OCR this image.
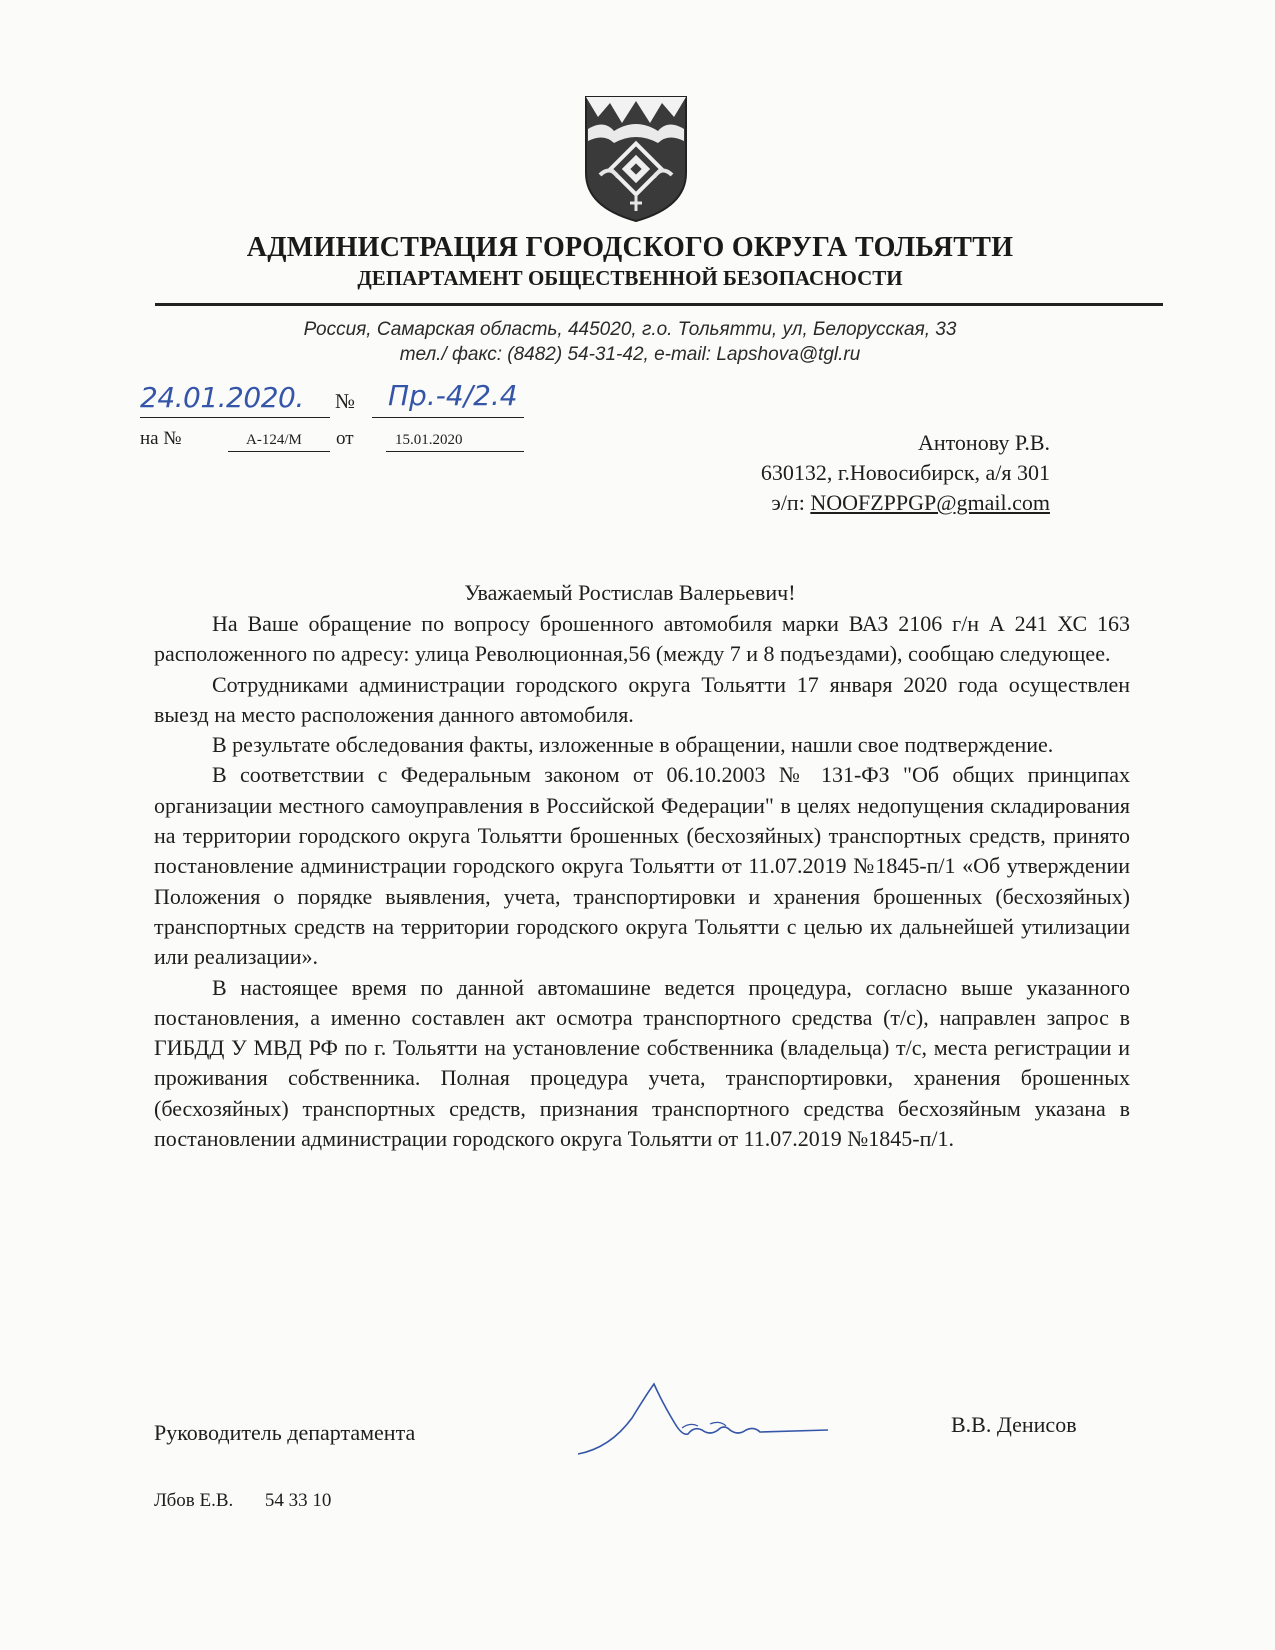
АДМИНИСТРАЦИЯ ГОРОДСКОГО ОКРУГА ТОЛЬЯТТИ
ДЕПАРТАМЕНТ ОБЩЕСТВЕННОЙ БЕЗОПАСНОСТИ
Россия, Самарская область, 445020, г.о. Тольятти, ул, Белорусская, 33
тел./ факс: (8482) 54-31-42, e-mail: Lapshova@tgl.ru
24.01.2020. № Пр.-4/2.4
на №	А-124/М от	15.01.2020	Антонову Р.В.
630132, г.Новосибирск, а/я 301
э/п: NOOFZPPGP@gmail.com
Уважаемый Ростислав Валерьевич!

На Ваше обращение по вопросу брошенного автомобиля марки ВАЗ 2106 г/н А 241 ХС 163 расположенного по адресу: улица Революционная,56 (между 7 и 8 подъездами), сообщаю следующее.

Сотрудниками администрации городского округа Тольятти 17 января 2020 года осуществлен выезд на место расположения данного автомобиля.

В результате обследования факты, изложенные в обращении, нашли свое подтверждение.

В соответствии с Федеральным законом от 06.10.2003 № 131-ФЗ "Об общих принципах организации местного самоуправления в Российской Федерации" в целях недопущения складирования на территории городского округа Тольятти брошенных (бесхозяйных) транспортных средств, принято постановление администрации городского округа Тольятти от 11.07.2019 №1845-п/1 «Об утверждении Положения о порядке выявления, учета, транспортировки и хранения брошенных (бесхозяйных) транспортных средств на территории городского округа Тольятти с целью их дальнейшей утилизации или реализации».

В настоящее время по данной автомашине ведется процедура, согласно выше указанного постановления, а именно составлен акт осмотра транспортного средства (т/с), направлен запрос в ГИБДД У МВД РФ по г. Тольятти на установление собственника (владельца) т/с, места регистрации и проживания собственника. Полная процедура учета, транспортировки, хранения брошенных (бесхозяйных) транспортных средств, признания транспортного средства бесхозяйным указана в постановлении администрации городского округа Тольятти от 11.07.2019 №1845-п/1.

Руководитель департамента	В.В. Денисов
Лбов Е.В. 54 33 10
